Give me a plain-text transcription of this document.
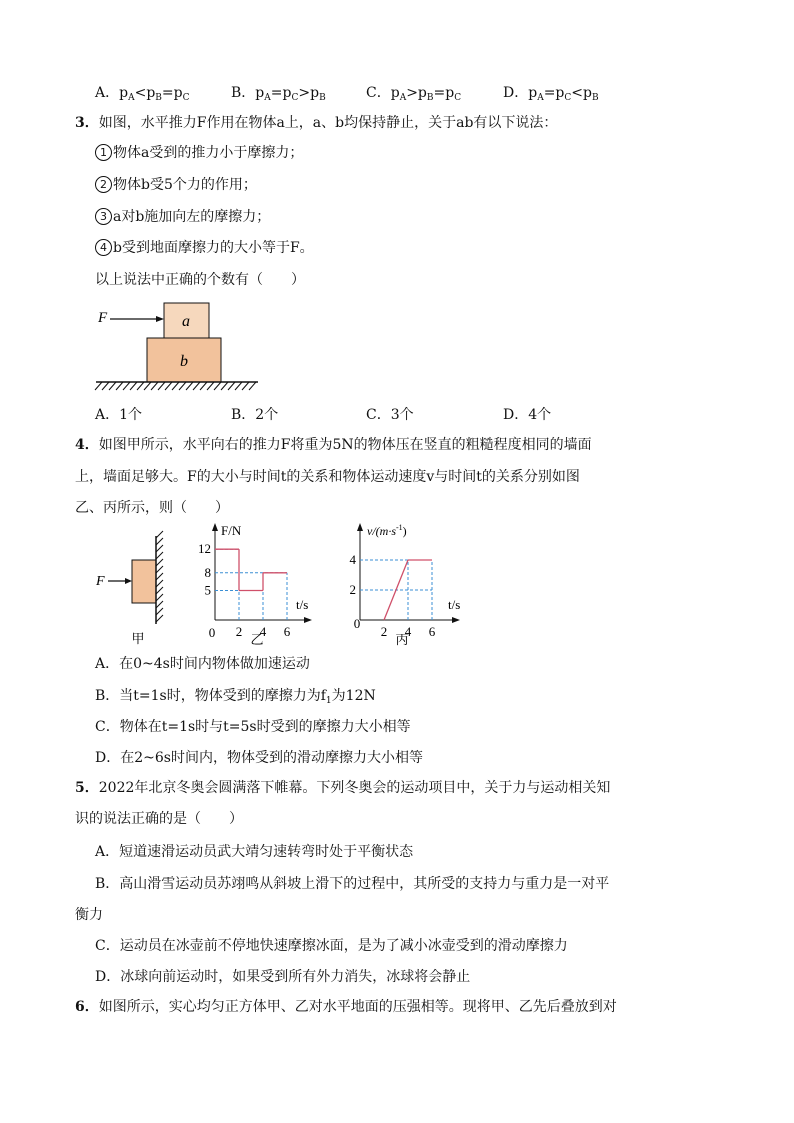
A．$p_A<p_B=p_C$	B．$p_A=p_C>p_B$	C．$p_A>p_B=p_C$	D．$p_A=p_C<p_B$
3．如图，水平推力F作用在物体a上，a、b均保持静止，关于ab有以下说法：
1 物体a受到的推力小于摩擦力；
2 物体b受5个力的作用；
3 a对b施加向左的摩擦力；
4 b受到地面摩擦力的大小等于F。
以上说法中正确的个数有（　　）
F	a
b
A．1个	B．2个	C．3个	D．4个
4．如图甲所示，水平向右的推力F将重为5N的物体压在竖直的粗糙程度相同的墙面
上，墙面足够大。F的大小与时间t的关系和物体运动速度v与时间t的关系分别如图
乙、丙所示，则（　　）
F
甲
F/N
t/s
0
5
8
12
2 4 6
乙
$v/(m\cdot s^{-1})$
t/s
0
2
4
2 4 6
丙
A．在0~4s时间内物体做加速运动
B．当t=1s时，物体受到的摩擦力为$f_1$为12N
C．物体在t=1s时与t=5s时受到的摩擦力大小相等
D．在2~6s时间内，物体受到的滑动摩擦力大小相等
5．2022年北京冬奥会圆满落下帷幕。下列冬奥会的运动项目中，关于力与运动相关知
识的说法正确的是（　　）
A．短道速滑运动员武大靖匀速转弯时处于平衡状态
B．高山滑雪运动员苏翊鸣从斜坡上滑下的过程中，其所受的支持力与重力是一对平
衡力
C．运动员在冰壶前不停地快速摩擦冰面，是为了减小冰壶受到的滑动摩擦力
D．冰球向前运动时，如果受到所有外力消失，冰球将会静止
6．如图所示，实心均匀正方体甲、乙对水平地面的压强相等。现将甲、乙先后叠放到对
